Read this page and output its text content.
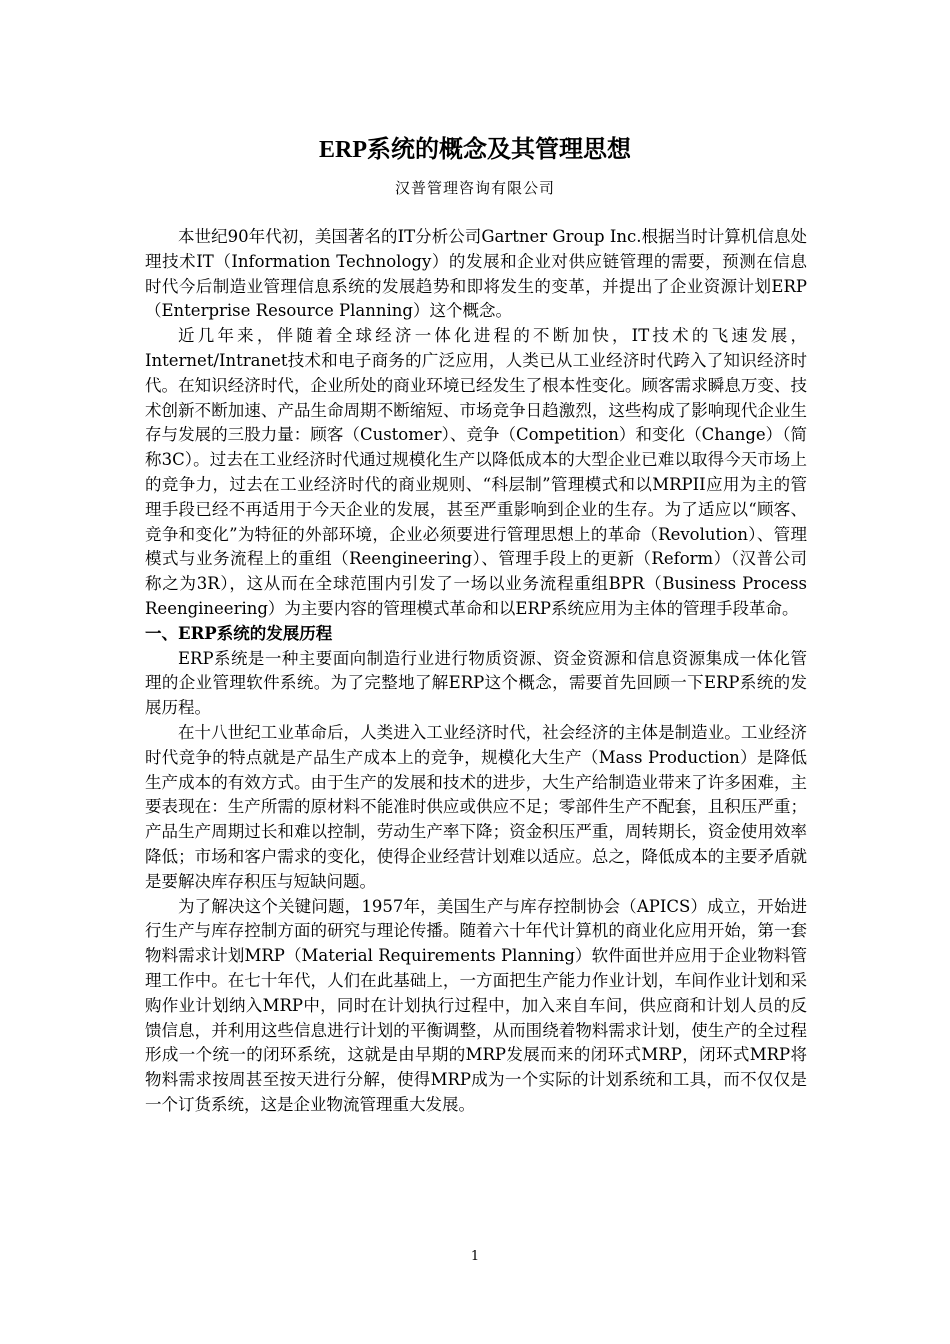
ERP系统的概念及其管理思想
汉普管理咨询有限公司

本世纪90年代初，美国著名的IT分析公司Gartner Group Inc.根据当时计算机信息处理技术IT（Information Technology）的发展和企业对供应链管理的需要，预测在信息时代今后制造业管理信息系统的发展趋势和即将发生的变革，并提出了企业资源计划ERP（Enterprise Resource Planning）这个概念。

近几年来，伴随着全球经济一体化进程的不断加快，IT技术的飞速发展，Internet/Intranet技术和电子商务的广泛应用，人类已从工业经济时代跨入了知识经济时代。在知识经济时代，企业所处的商业环境已经发生了根本性变化。顾客需求瞬息万变、技术创新不断加速、产品生命周期不断缩短、市场竞争日趋激烈，这些构成了影响现代企业生存与发展的三股力量：顾客（Customer）、竞争（Competition）和变化（Change）（简称3C）。过去在工业经济时代通过规模化生产以降低成本的大型企业已难以取得今天市场上的竞争力，过去在工业经济时代的商业规则、“科层制”管理模式和以MRPII应用为主的管理手段已经不再适用于今天企业的发展，甚至严重影响到企业的生存。为了适应以“顾客、竞争和变化”为特征的外部环境，企业必须要进行管理思想上的革命（Revolution）、管理模式与业务流程上的重组（Reengineering）、管理手段上的更新（Reform）（汉普公司称之为3R），这从而在全球范围内引发了一场以业务流程重组BPR（Business Process Reengineering）为主要内容的管理模式革命和以ERP系统应用为主体的管理手段革命。

一、ERP系统的发展历程

ERP系统是一种主要面向制造行业进行物质资源、资金资源和信息资源集成一体化管理的企业管理软件系统。为了完整地了解ERP这个概念，需要首先回顾一下ERP系统的发展历程。

在十八世纪工业革命后，人类进入工业经济时代，社会经济的主体是制造业。工业经济时代竞争的特点就是产品生产成本上的竞争，规模化大生产（Mass Production）是降低生产成本的有效方式。由于生产的发展和技术的进步，大生产给制造业带来了许多困难，主要表现在：生产所需的原材料不能准时供应或供应不足；零部件生产不配套，且积压严重；产品生产周期过长和难以控制，劳动生产率下降；资金积压严重，周转期长，资金使用效率降低；市场和客户需求的变化，使得企业经营计划难以适应。总之，降低成本的主要矛盾就是要解决库存积压与短缺问题。

为了解决这个关键问题，1957年，美国生产与库存控制协会（APICS）成立，开始进行生产与库存控制方面的研究与理论传播。随着六十年代计算机的商业化应用开始，第一套物料需求计划MRP（Material Requirements Planning）软件面世并应用于企业物料管理工作中。在七十年代，人们在此基础上，一方面把生产能力作业计划，车间作业计划和采购作业计划纳入MRP中，同时在计划执行过程中，加入来自车间，供应商和计划人员的反馈信息，并利用这些信息进行计划的平衡调整，从而围绕着物料需求计划，使生产的全过程形成一个统一的闭环系统，这就是由早期的MRP发展而来的闭环式MRP，闭环式MRP将物料需求按周甚至按天进行分解，使得MRP成为一个实际的计划系统和工具，而不仅仅是一个订货系统，这是企业物流管理重大发展。

1
